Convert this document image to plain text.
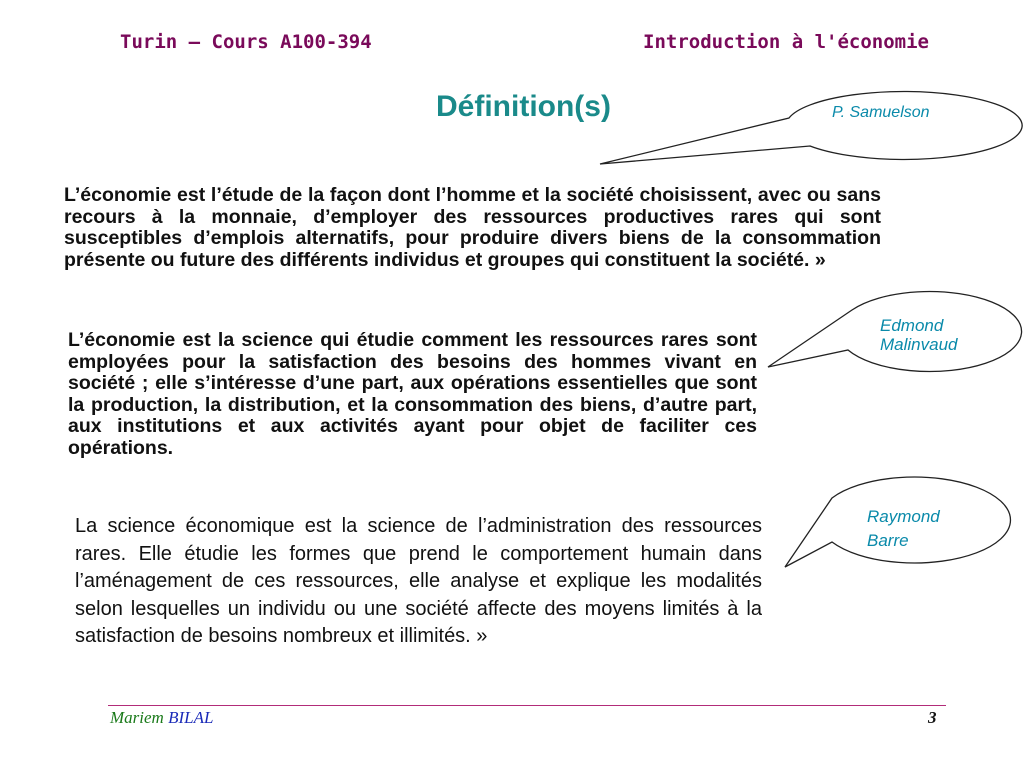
Turin – Cours A100-394	Introduction à l'économie
Définition(s)	P. Samuelson
Edmond
Malinvaud
Raymond
Barre
L’économie est l’étude de la façon dont l’homme et la société choisissent, avec ou sans recours à la monnaie, d’employer des ressources productives rares qui sont susceptibles d’emplois alternatifs, pour produire divers biens de la consommation présente ou future des différents individus et groupes qui constituent la société. »
L’économie est la science qui étudie comment les ressources rares sont employées pour la satisfaction des besoins des hommes vivant en société ; elle s’intéresse d’une part, aux opérations essentielles que sont la production, la distribution, et la consommation des biens, d’autre part, aux institutions et aux activités ayant pour objet de faciliter ces opérations.
La science économique est la science de l’administration des ressources rares. Elle étudie les formes que prend le comportement humain dans l’aménagement de ces ressources, elle analyse et explique les modalités selon lesquelles un individu ou une société affecte des moyens limités à la satisfaction de besoins nombreux et illimités. »
Mariem BILAL	3
